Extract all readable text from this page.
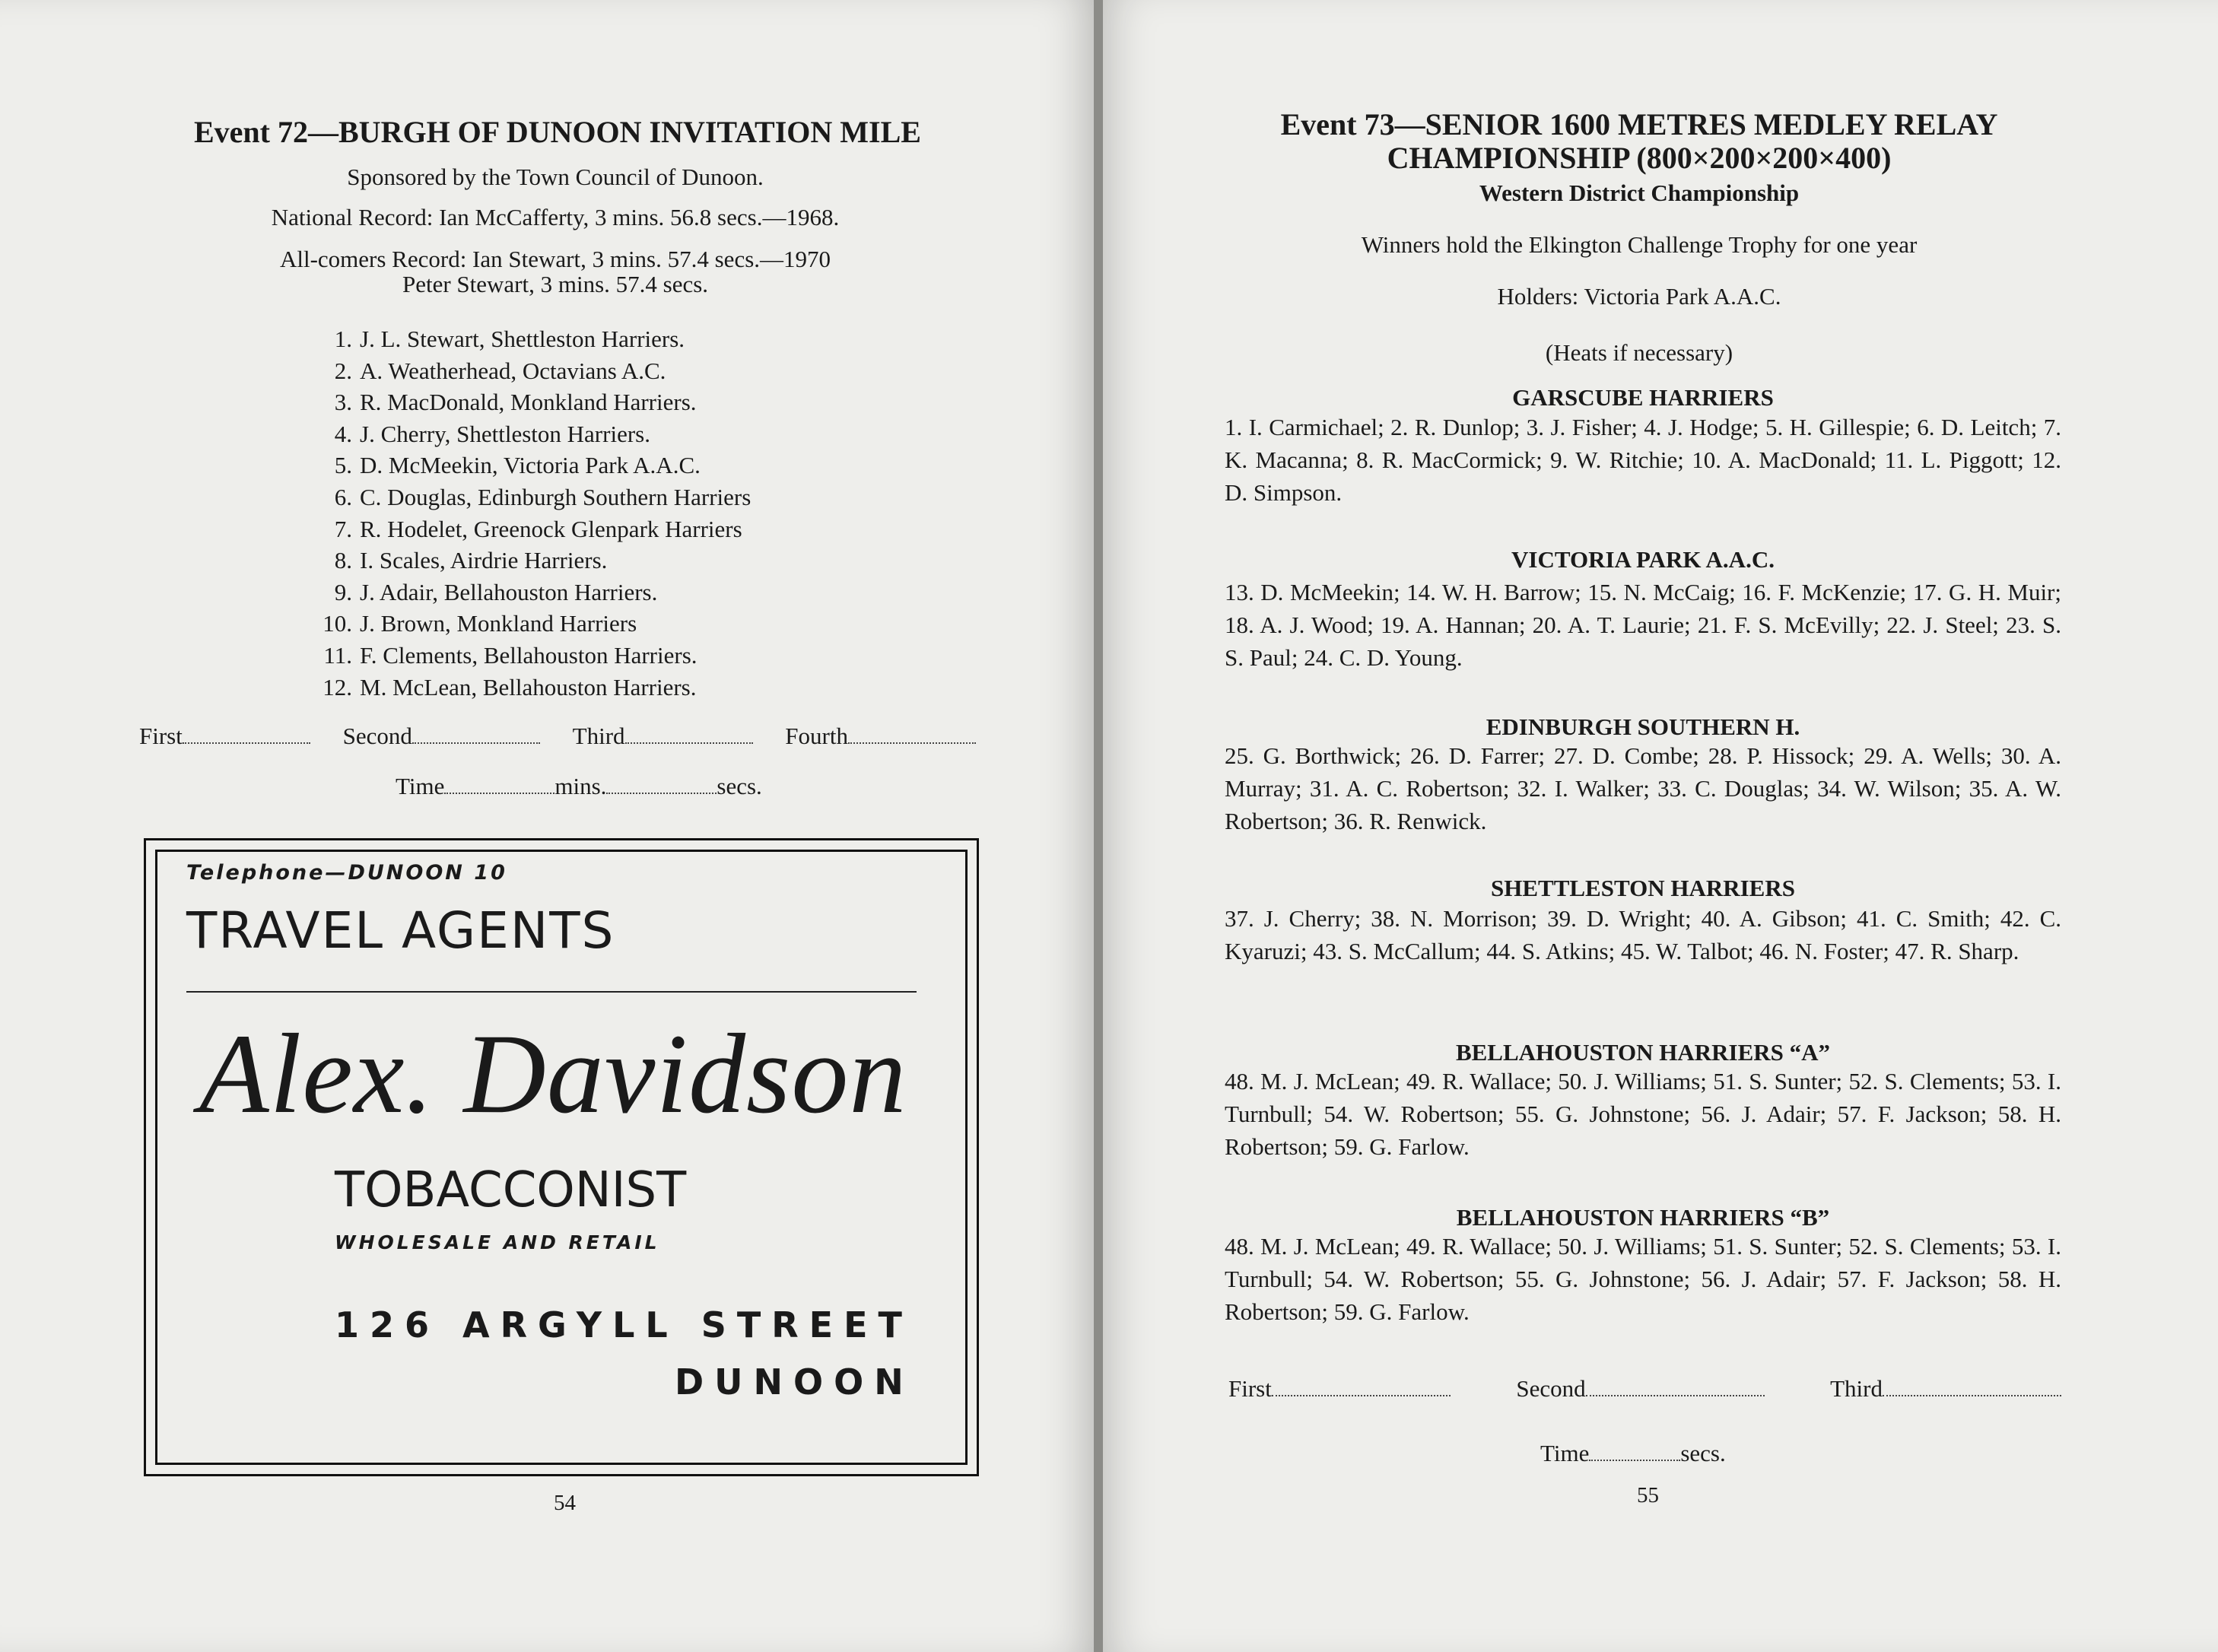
Event 72—BURGH OF DUNOON INVITATION MILE
Sponsored by the Town Council of Dunoon.
National Record: Ian McCafferty, 3 mins. 56.8 secs.—1968.
All-comers Record: Ian Stewart, 3 mins. 57.4 secs.—1970
Peter Stewart, 3 mins. 57.4 secs.
1. J. L. Stewart, Shettleston Harriers.
2. A. Weatherhead, Octavians A.C.
3. R. MacDonald, Monkland Harriers.
4. J. Cherry, Shettleston Harriers.
5. D. McMeekin, Victoria Park A.A.C.
6. C. Douglas, Edinburgh Southern Harriers
7. R. Hodelet, Greenock Glenpark Harriers
8. I. Scales, Airdrie Harriers.
9. J. Adair, Bellahouston Harriers.
10. J. Brown, Monkland Harriers
11. F. Clements, Bellahouston Harriers.
12. M. McLean, Bellahouston Harriers.
First	Second	Third	Fourth
Time	mins.	secs.
Telephone—DUNOON 10
TRAVEL AGENTS
Alex. Davidson
TOBACCONIST
WHOLESALE AND RETAIL
126 ARGYLL STREET
DUNOON
54
Event 73—SENIOR 1600 METRES MEDLEY RELAY
CHAMPIONSHIP (800×200×200×400)
Western District Championship
Winners hold the Elkington Challenge Trophy for one year
Holders: Victoria Park A.A.C.
(Heats if necessary)
GARSCUBE HARRIERS

1. I. Carmichael; 2. R. Dunlop; 3. J. Fisher; 4. J. Hodge; 5. H. Gillespie; 6. D. Leitch; 7. K. Macanna; 8. R. MacCormick; 9. W. Ritchie; 10. A. MacDonald; 11. L. Piggott; 12. D. Simpson.

VICTORIA PARK A.A.C.

13. D. McMeekin; 14. W. H. Barrow; 15. N. McCaig; 16. F. McKenzie; 17. G. H. Muir; 18. A. J. Wood; 19. A. Hannan; 20. A. T. Laurie; 21. F. S. McEvilly; 22. J. Steel; 23. S. S. Paul; 24. C. D. Young.

EDINBURGH SOUTHERN H.

25. G. Borthwick; 26. D. Farrer; 27. D. Combe; 28. P. Hissock; 29. A. Wells; 30. A. Murray; 31. A. C. Robertson; 32. I. Walker; 33. C. Douglas; 34. W. Wilson; 35. A. W. Robertson; 36. R. Renwick.

SHETTLESTON HARRIERS

37. J. Cherry; 38. N. Morrison; 39. D. Wright; 40. A. Gibson; 41. C. Smith; 42. C. Kyaruzi; 43. S. McCallum; 44. S. Atkins; 45. W. Talbot; 46. N. Foster; 47. R. Sharp.

BELLAHOUSTON HARRIERS “A”

48. M. J. McLean; 49. R. Wallace; 50. J. Williams; 51. S. Sunter; 52. S. Clements; 53. I. Turnbull; 54. W. Robertson; 55. G. Johnstone; 56. J. Adair; 57. F. Jackson; 58. H. Robertson; 59. G. Farlow.

BELLAHOUSTON HARRIERS “B”

48. M. J. McLean; 49. R. Wallace; 50. J. Williams; 51. S. Sunter; 52. S. Clements; 53. I. Turnbull; 54. W. Robertson; 55. G. Johnstone; 56. J. Adair; 57. F. Jackson; 58. H. Robertson; 59. G. Farlow.

First	Second	Third
Time	secs.
55
